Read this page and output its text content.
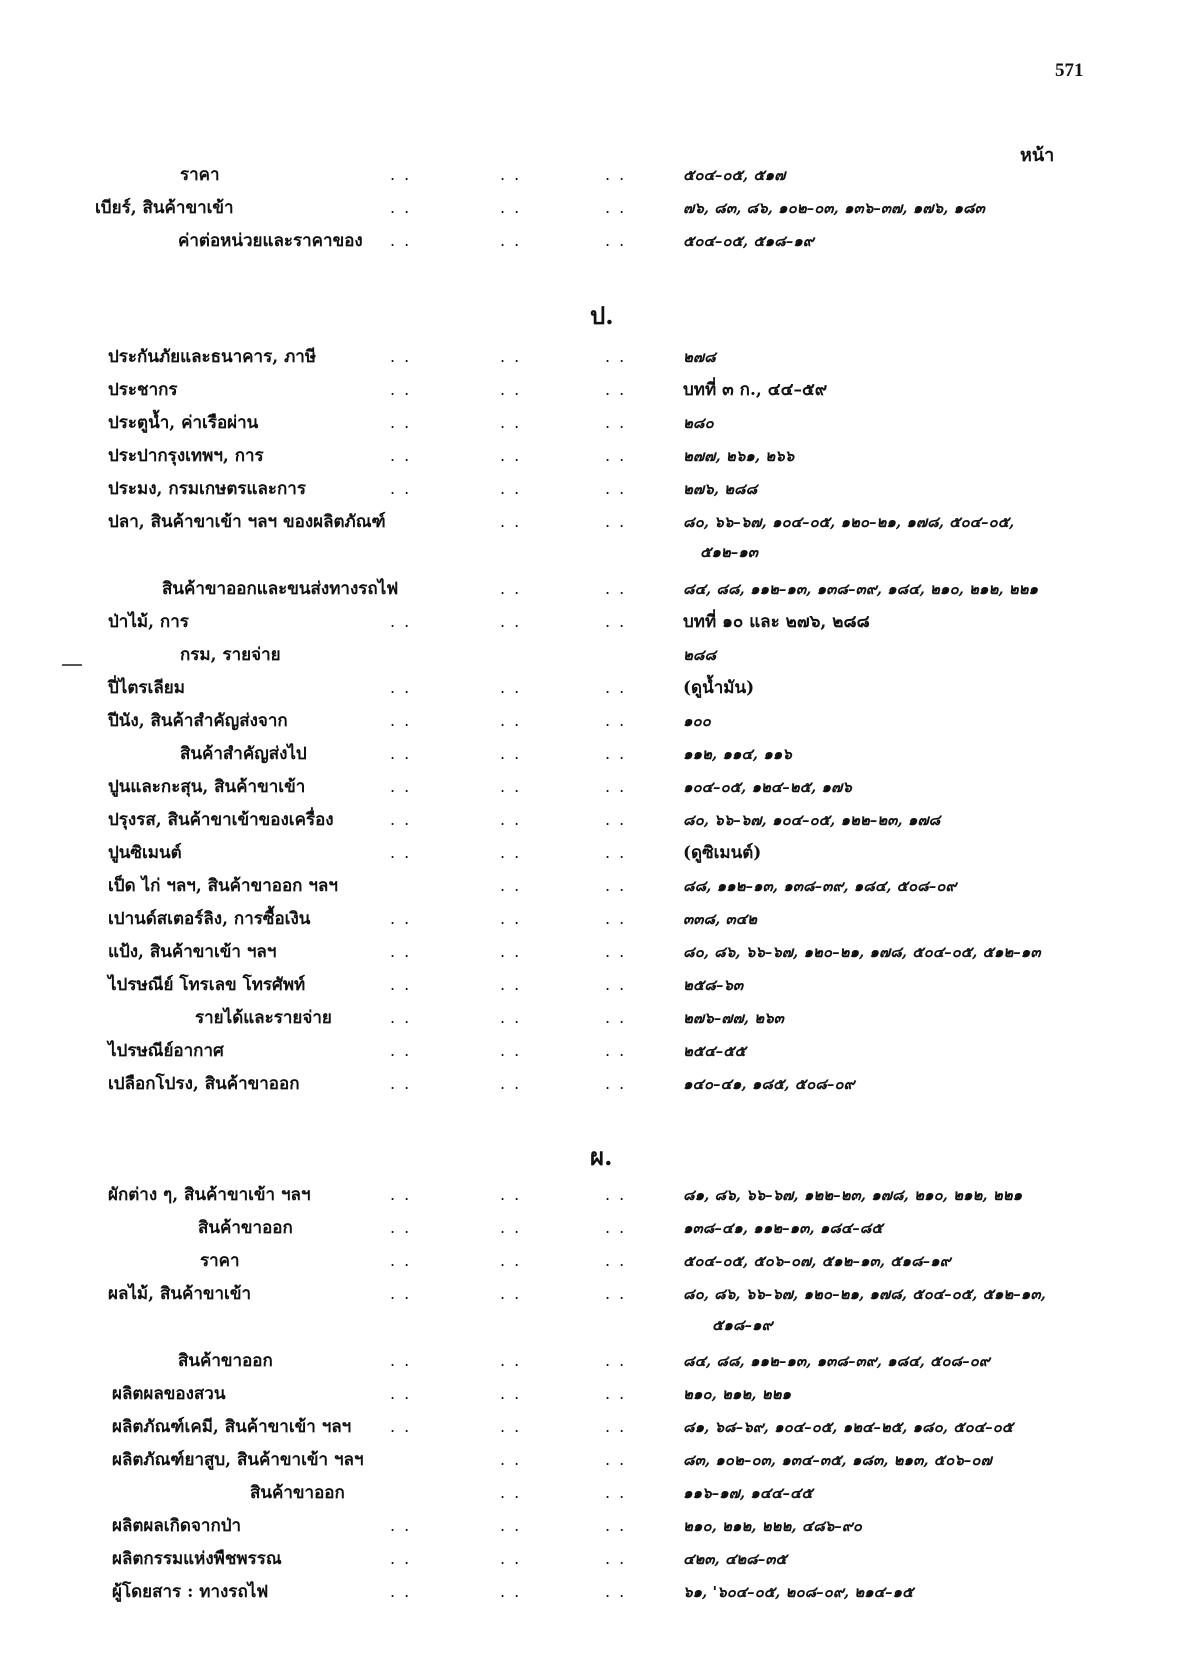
571
หน้า
ราคา	. .	. .	. .	๕๐๔–๐๕, ๕๑๗
เบียร์, สินค้าขาเข้า	. .	. .	. .	๗๖, ๘๓, ๘๖, ๑๐๒–๐๓, ๑๓๖–๓๗, ๑๗๖, ๑๘๓
ค่าต่อหน่วยและราคาของ . .	. .	. .	๕๐๔–๐๕, ๕๑๘–๑๙
ป.
ประกันภัยและธนาคาร, ภาษี	. .	. .	. .	๒๗๘
ประชากร	. .	. .	. .	บทที่ ๓ ก., ๔๔–๕๙
ประตูน้ำ, ค่าเรือผ่าน	. .	. .	. .	๒๘๐
ประปากรุงเทพฯ, การ	. .	. .	. .	๒๗๗, ๒๖๑, ๒๖๖
ประมง, กรมเกษตรและการ	. .	. .	. .	๒๗๖, ๒๘๘
ปลา, สินค้าขาเข้า ฯลฯ ของผลิตภัณฑ์	. .	. .	๘๐, ๖๖–๖๗, ๑๐๔–๐๕, ๑๒๐–๒๑, ๑๗๘, ๕๐๔–๐๕,
๕๑๒–๑๓
สินค้าขาออกและขนส่งทางรถไฟ	. .	. .	๘๔, ๘๘, ๑๑๒–๑๓, ๑๓๘–๓๙, ๑๘๔, ๒๑๐, ๒๑๒, ๒๒๑
ป่าไม้, การ	. .	. .	. .	บทที่ ๑๐ และ ๒๗๖, ๒๘๘
กรม, รายจ่าย	๒๘๘
ปี่ไตรเลียม	. .	. .	. .	(ดูน้ำมัน)
ปีนัง, สินค้าสำคัญส่งจาก	. .	. .	. .	๑๐๐
สินค้าสำคัญส่งไป	. .	. .	. .	๑๑๒, ๑๑๔, ๑๑๖
ปูนและกะสุน, สินค้าขาเข้า	. .	. .	. .	๑๐๔–๐๕, ๑๒๔–๒๕, ๑๗๖
ปรุงรส, สินค้าขาเข้าของเครื่อง	. .	. .	. .	๘๐, ๖๖–๖๗, ๑๐๔–๐๕, ๑๒๒–๒๓, ๑๗๘
ปูนซิเมนต์	. .	. .	. .	(ดูซิเมนต์)
เป็ด ไก่ ฯลฯ, สินค้าขาออก ฯลฯ	. .	. .	๘๘, ๑๑๒–๑๓, ๑๓๘–๓๙, ๑๘๔, ๕๐๘–๐๙
เปานด์สเตอร์ลิง, การซื้อเงิน	. .	. .	. .	๓๓๘, ๓๔๒
แป้ง, สินค้าขาเข้า ฯลฯ	. .	. .	. .	๘๐, ๘๖, ๖๖–๖๗, ๑๒๐–๒๑, ๑๗๘, ๕๐๔–๐๕, ๕๑๒–๑๓
ไปรษณีย์ โทรเลข โทรศัพท์	. .	. .	. .	๒๕๘–๖๓
รายได้และรายจ่าย	. .	. .	. .	๒๗๖–๗๗, ๒๖๓
ไปรษณีย์อากาศ	. .	. .	. .	๒๕๔–๕๕
เปลือกโปรง, สินค้าขาออก	. .	. .	. .	๑๔๐–๔๑, ๑๘๕, ๕๐๘–๐๙
ผ.
ผักต่าง ๆ, สินค้าขาเข้า ฯลฯ	. .	. .	. .	๘๑, ๘๖, ๖๖–๖๗, ๑๒๒–๒๓, ๑๗๘, ๒๑๐, ๒๑๒, ๒๒๑
สินค้าขาออก	. .	. .	. .	๑๓๘–๔๑, ๑๑๒–๑๓, ๑๘๔–๘๕
ราคา	. .	. .	. .	๕๐๔–๐๕, ๕๐๖–๐๗, ๕๑๒–๑๓, ๕๑๘–๑๙
ผลไม้, สินค้าขาเข้า	. .	. .	. .	๘๐, ๘๖, ๖๖–๖๗, ๑๒๐–๒๑, ๑๗๘, ๕๐๔–๐๕, ๕๑๒–๑๓,
๕๑๘–๑๙
สินค้าขาออก	. .	. .	. .	๘๔, ๘๘, ๑๑๒–๑๓, ๑๓๘–๓๙, ๑๘๔, ๕๐๘–๐๙
ผลิตผลของสวน	. .	. .	. .	๒๑๐, ๒๑๒, ๒๒๑
ผลิตภัณฑ์เคมี, สินค้าขาเข้า ฯลฯ . .	. .	. .	๘๑, ๖๘–๖๙, ๑๐๔–๐๕, ๑๒๔–๒๕, ๑๘๐, ๕๐๔–๐๕
ผลิตภัณฑ์ยาสูบ, สินค้าขาเข้า ฯลฯ	. .	. .	๘๓, ๑๐๒–๐๓, ๑๓๔–๓๕, ๑๘๓, ๒๑๓, ๕๐๖–๐๗
สินค้าขาออก	. .	. .	๑๑๖–๑๗, ๑๔๔–๔๕
ผลิตผลเกิดจากป่า	. .	. .	. .	๒๑๐, ๒๑๒, ๒๒๒, ๔๘๖–๙๐
ผลิตกรรมแห่งพืชพรรณ	. .	. .	. .	๔๒๓, ๔๒๘–๓๕
ผู้โดยสาร : ทางรถไฟ	. .	. .	. .	๖๑, '๖๐๔–๐๕, ๒๐๘–๐๙, ๒๑๔–๑๕
